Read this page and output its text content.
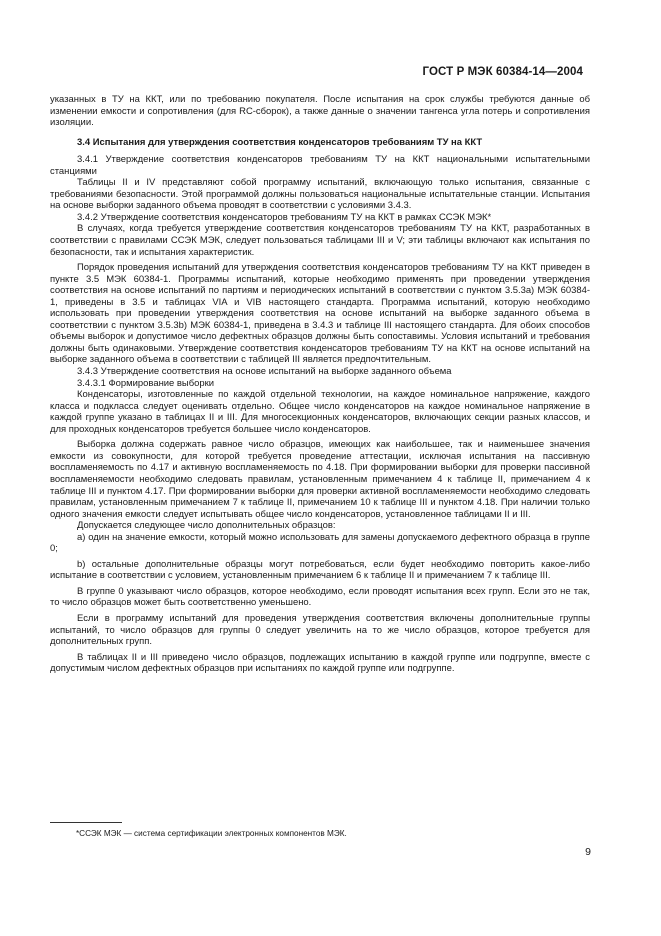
ГОСТ Р МЭК 60384-14—2004

указанных в ТУ на ККТ, или по требованию покупателя. После испытания на срок службы требуются данные об изменении емкости и сопротивления (для RC-сборок), а также данные о значении тангенса угла потерь и сопротивления изоляции.

3.4 Испытания для утверждения соответствия конденсаторов требованиям ТУ на ККТ

3.4.1 Утверждение соответствия конденсаторов требованиям ТУ на ККТ национальными испытательными станциями

Таблицы II и IV представляют собой программу испытаний, включающую только испытания, связанные с требованиями безопасности. Этой программой должны пользоваться национальные испытательные станции. Испытания на основе выборки заданного объема проводят в соответствии с условиями 3.4.3.

3.4.2 Утверждение соответствия конденсаторов требованиям ТУ на ККТ в рамках ССЭК МЭК*

В случаях, когда требуется утверждение соответствия конденсаторов требованиям ТУ на ККТ, разработанных в соответствии с правилами ССЭК МЭК, следует пользоваться таблицами III и V; эти таблицы включают как испытания по безопасности, так и испытания характеристик.

Порядок проведения испытаний для утверждения соответствия конденсаторов требованиям ТУ на ККТ приведен в пункте 3.5 МЭК 60384-1. Программы испытаний, которые необходимо применять при проведении утверждения соответствия на основе испытаний по партиям и периодических испытаний в соответствии с пунктом 3.5.3а) МЭК 60384-1, приведены в 3.5 и таблицах VIA и VIB настоящего стандарта. Программа испытаний, которую необходимо использовать при проведении утверждения соответствия на основе испытаний на выборке заданного объема в соответствии с пунктом 3.5.3b) МЭК 60384-1, приведена в 3.4.3 и таблице III настоящего стандарта. Для обоих способов объемы выборок и допустимое число дефектных образцов должны быть сопоставимы. Условия испытаний и требования должны быть одинаковыми. Утверждение соответствия конденсаторов требованиям ТУ на ККТ на основе испытаний на выборке заданного объема в соответствии с таблицей III является предпочтительным.

3.4.3 Утверждение соответствия на основе испытаний на выборке заданного объема

3.4.3.1 Формирование выборки

Конденсаторы, изготовленные по каждой отдельной технологии, на каждое номинальное напряжение, каждого класса и подкласса следует оценивать отдельно. Общее число конденсаторов на каждое номинальное напряжение в каждой группе указано в таблицах II и III. Для многосекционных конденсаторов, включающих секции разных классов, и для проходных конденсаторов требуется большее число конденсаторов.

Выборка должна содержать равное число образцов, имеющих как наибольшее, так и наименьшее значения емкости из совокупности, для которой требуется проведение аттестации, исключая испытания на пассивную воспламеняемость по 4.17 и активную воспламеняемость по 4.18. При формировании выборки для проверки пассивной воспламеняемости необходимо следовать правилам, установленным примечанием 4 к таблице II, примечанием 4 к таблице III и пунктом 4.17. При формировании выборки для проверки активной воспламеняемости необходимо следовать правилам, установленным примечанием 7 к таблице II, примечанием 10 к таблице III и пунктом 4.18. При наличии только одного значения емкости следует испытывать общее число конденсаторов, установленное таблицами II и III.

Допускается следующее число дополнительных образцов:

а) один на значение емкости, который можно использовать для замены допускаемого дефектного образца в группе 0;

b) остальные дополнительные образцы могут потребоваться, если будет необходимо повторить какое-либо испытание в соответствии с условием, установленным примечанием 6 к таблице II и примечанием 7 к таблице III.

В группе 0 указывают число образцов, которое необходимо, если проводят испытания всех групп. Если это не так, то число образцов может быть соответственно уменьшено.

Если в программу испытаний для проведения утверждения соответствия включены дополнительные группы испытаний, то число образцов для группы 0 следует увеличить на то же число образцов, которое требуется для дополнительных групп.

В таблицах II и III приведено число образцов, подлежащих испытанию в каждой группе или подгруппе, вместе с допустимым числом дефектных образцов при испытаниях по каждой группе или подгруппе.

*ССЭК МЭК — система сертификации электронных компонентов МЭК.
9
